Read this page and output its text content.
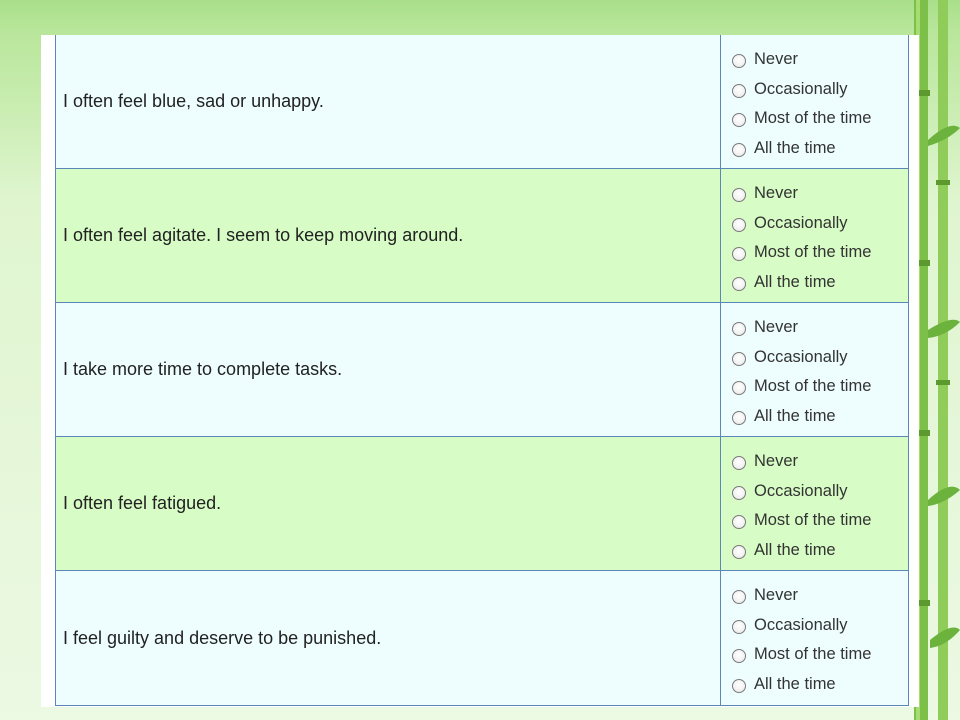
I often feel blue, sad or unhappy.
Never
Occasionally
Most of the time
All the time
I often feel agitate. I seem to keep moving around.
Never
Occasionally
Most of the time
All the time
I take more time to complete tasks.
Never
Occasionally
Most of the time
All the time
I often feel fatigued.
Never
Occasionally
Most of the time
All the time
I feel guilty and deserve to be punished.
Never
Occasionally
Most of the time
All the time
